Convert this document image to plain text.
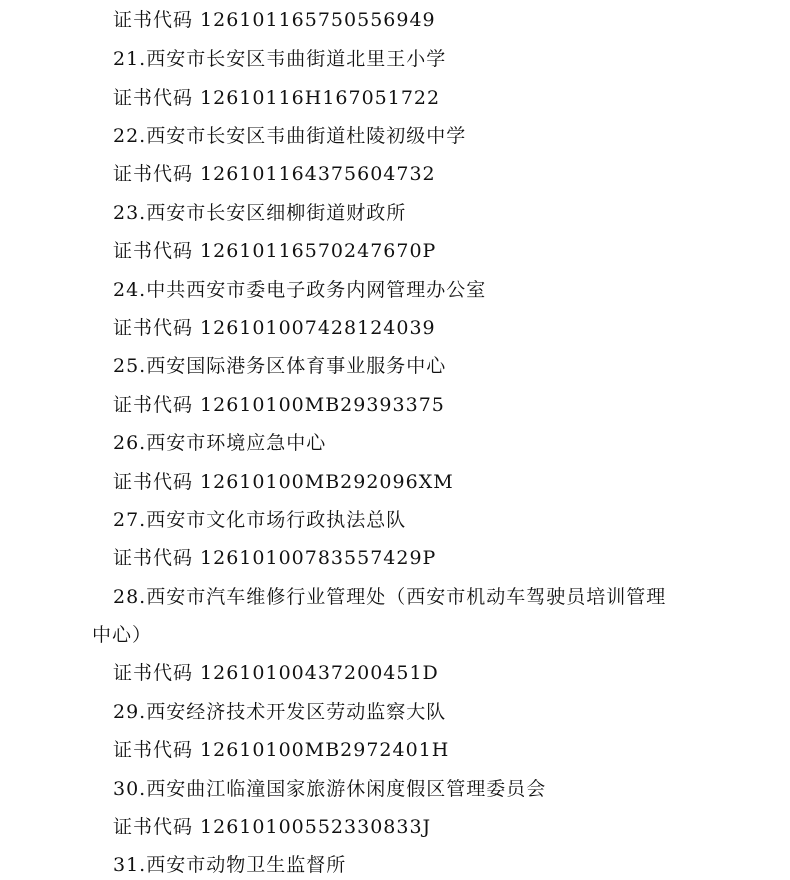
证书代码 126101165750556949
21.西安市长安区韦曲街道北里王小学
证书代码 12610116H167051722
22.西安市长安区韦曲街道杜陵初级中学
证书代码 126101164375604732
23.西安市长安区细柳街道财政所
证书代码 12610116570247670P
24.中共西安市委电子政务内网管理办公室
证书代码 126101007428124039
25.西安国际港务区体育事业服务中心
证书代码 12610100MB29393375
26.西安市环境应急中心
证书代码 12610100MB292096XM
27.西安市文化市场行政执法总队
证书代码 12610100783557429P
28.西安市汽车维修行业管理处（西安市机动车驾驶员培训管理
中心）
证书代码 12610100437200451D
29.西安经济技术开发区劳动监察大队
证书代码 12610100MB2972401H
30.西安曲江临潼国家旅游休闲度假区管理委员会
证书代码 12610100552330833J
31.西安市动物卫生监督所
